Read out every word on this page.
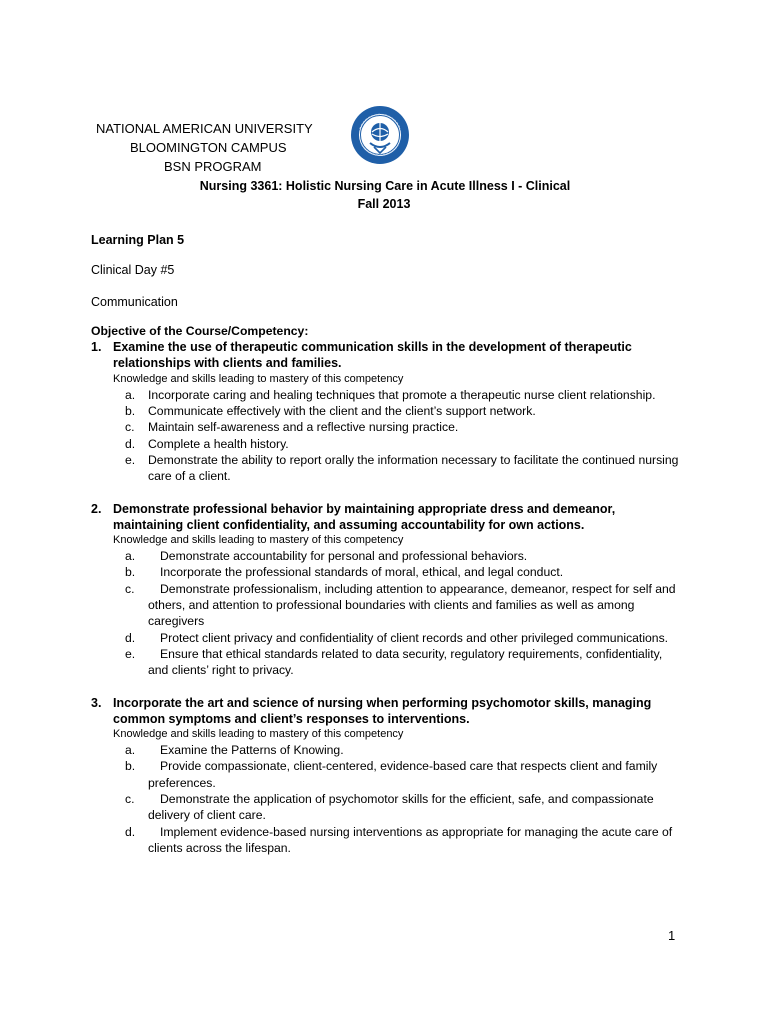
NATIONAL AMERICAN UNIVERSITY
BLOOMINGTON CAMPUS
BSN PROGRAM
Nursing 3361: Holistic Nursing Care in Acute Illness I - Clinical
Fall 2013
Learning Plan 5
Clinical Day #5
Communication
Objective of the Course/Competency:
1. Examine the use of therapeutic communication skills in the development of therapeutic relationships with clients and families.
Knowledge and skills leading to mastery of this competency
a.	Incorporate caring and healing techniques that promote a therapeutic nurse client relationship.
b.	Communicate effectively with the client and the client’s support network.
c.	Maintain self-awareness and a reflective nursing practice.
d.	Complete a health history.
e.	Demonstrate the ability to report orally the information necessary to facilitate the continued nursing care of a client.
2. Demonstrate professional behavior by maintaining appropriate dress and demeanor, maintaining client confidentiality, and assuming accountability for own actions.
Knowledge and skills leading to mastery of this competency
a.	Demonstrate accountability for personal and professional behaviors.
b.	Incorporate the professional standards of moral, ethical, and legal conduct.
c.	Demonstrate professionalism, including attention to appearance, demeanor, respect for self and others, and attention to professional boundaries with clients and families as well as among caregivers
d.	Protect client privacy and confidentiality of client records and other privileged communications.
e.	Ensure that ethical standards related to data security, regulatory requirements, confidentiality, and clients’ right to privacy.
3. Incorporate the art and science of nursing when performing psychomotor skills, managing common symptoms and client’s responses to interventions.
Knowledge and skills leading to mastery of this competency
a.	Examine the Patterns of Knowing.
b.	Provide compassionate, client-centered, evidence-based care that respects client and family preferences.
c.	Demonstrate the application of psychomotor skills for the efficient, safe, and compassionate delivery of client care.
d.	Implement evidence-based nursing interventions as appropriate for managing the acute care of clients across the lifespan.
1
